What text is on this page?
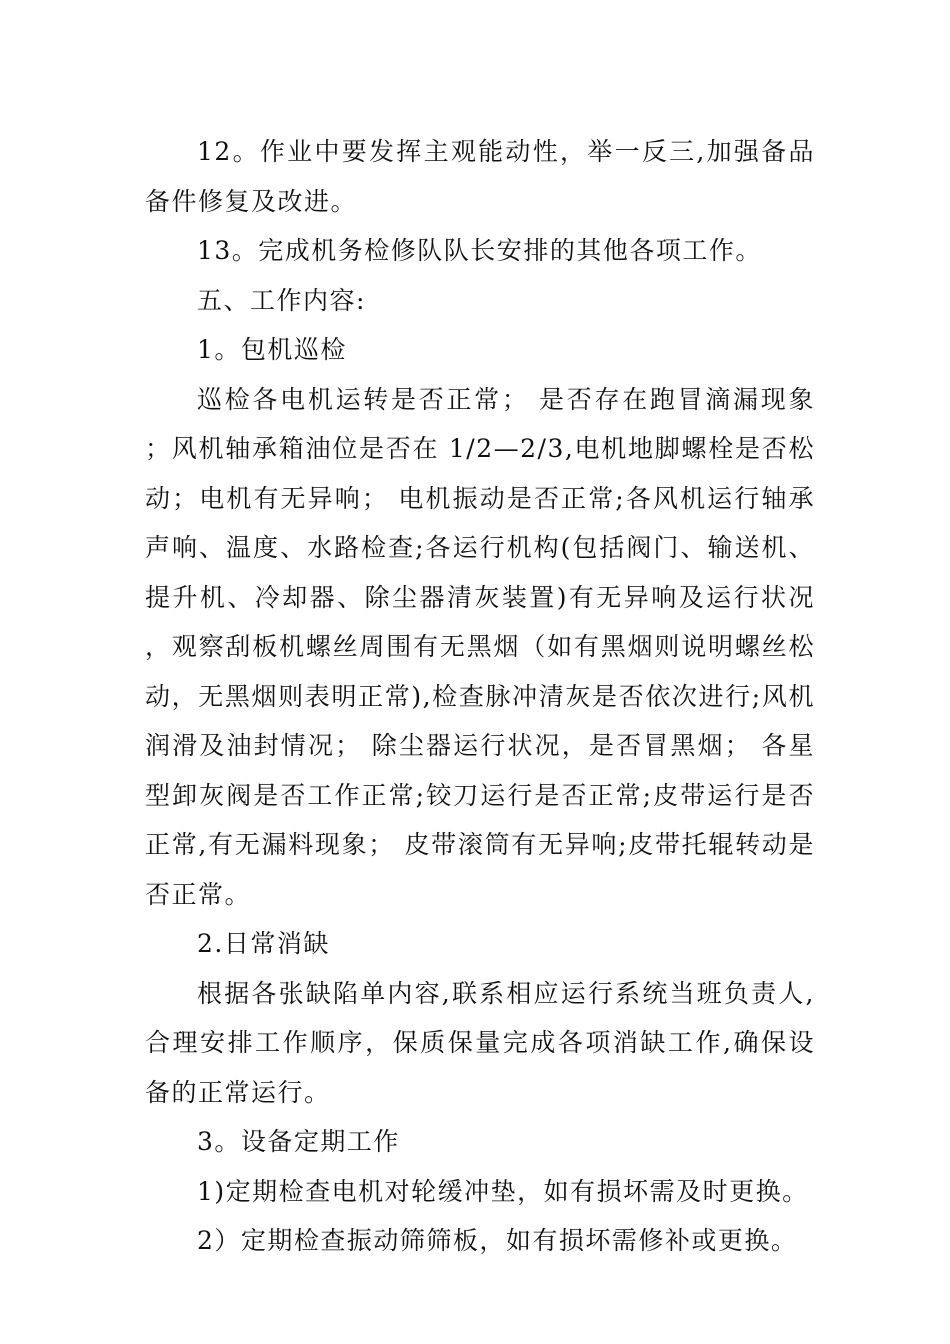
12。作业中要发挥主观能动性，举一反三,加强备品备件修复及改进。

13。完成机务检修队队长安排的其他各项工作。

五、工作内容:

1。包机巡检

巡检各电机运转是否正常； 是否存在跑冒滴漏现象；风机轴承箱油位是否在 1/2—2/3,电机地脚螺栓是否松动；电机有无异响； 电机振动是否正常;各风机运行轴承声响、温度、水路检查;各运行机构(包括阀门、输送机、提升机、冷却器、除尘器清灰装置)有无异响及运行状况，观察刮板机螺丝周围有无黑烟（如有黑烟则说明螺丝松动，无黑烟则表明正常),检查脉冲清灰是否依次进行;风机润滑及油封情况； 除尘器运行状况，是否冒黑烟； 各星型卸灰阀是否工作正常;铰刀运行是否正常;皮带运行是否正常,有无漏料现象； 皮带滚筒有无异响;皮带托辊转动是否正常。

2.日常消缺

根据各张缺陷单内容,联系相应运行系统当班负责人,合理安排工作顺序，保质保量完成各项消缺工作,确保设备的正常运行。

3。设备定期工作

1)定期检查电机对轮缓冲垫，如有损坏需及时更换。

2）定期检查振动筛筛板，如有损坏需修补或更换。
